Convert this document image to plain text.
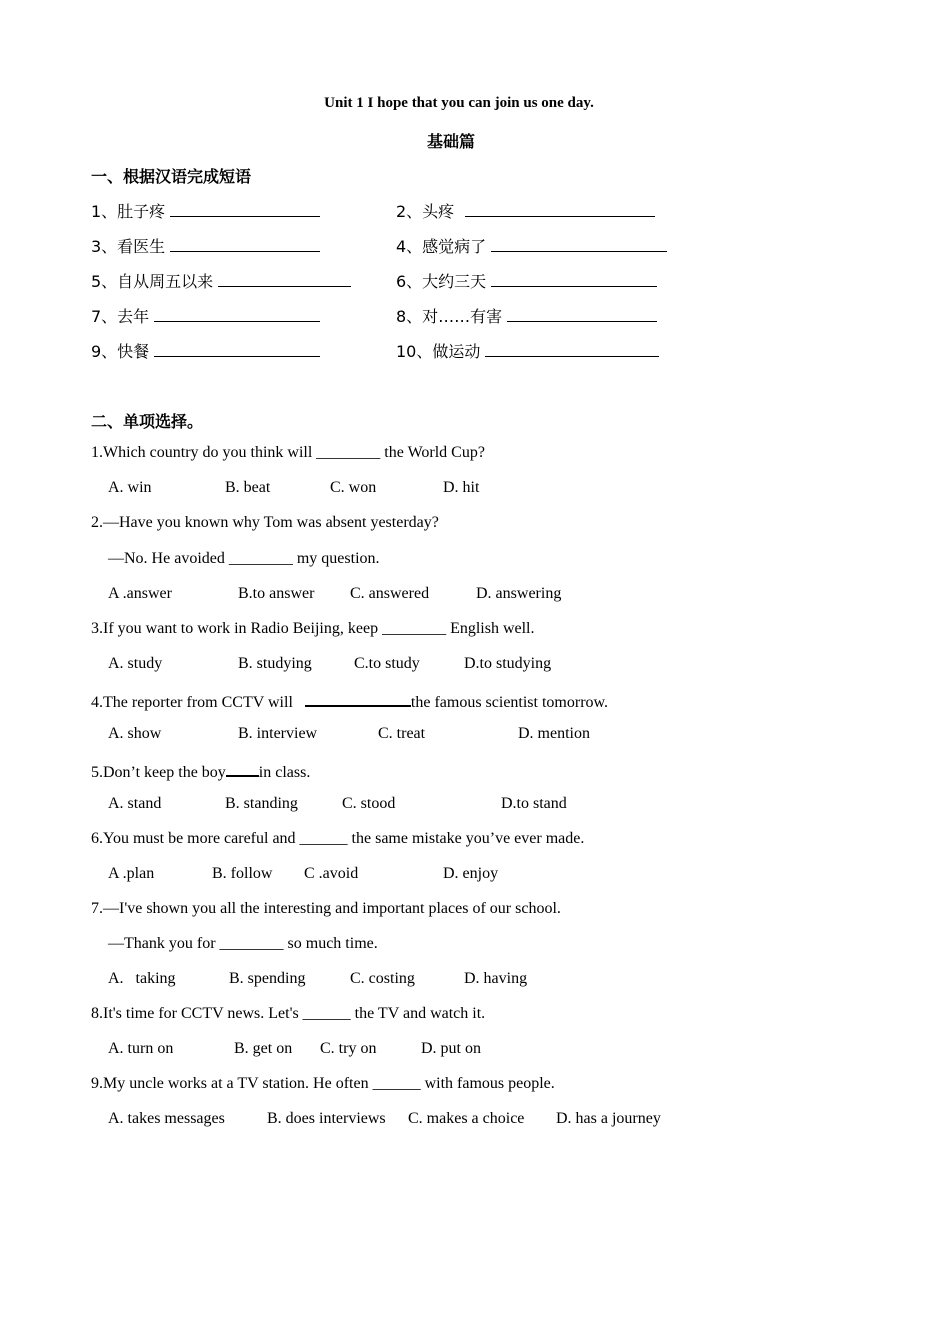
Unit 1 I hope that you can join us one day.
基础篇
一、根据汉语完成短语
1、肚子疼	2、头疼
3、看医生	4、感觉病了
5、自从周五以来	6、大约三天
7、去年	8、对……有害
9、快餐	10、做运动
二、单项选择。
1.Which country do you think will ________ the World Cup?
A. win	B. beat	C. won	D. hit
2.—Have you known why Tom was absent yesterday?
—No. He avoided ________ my question.
A .answer	B.to answer C. answered	D. answering
3.If you want to work in Radio Beijing, keep ________ English well.
A. study	B. studying	C.to study	D.to studying
4.The reporter from CCTV will	the famous scientist tomorrow.
A. show	B. interview	C. treat	D. mention
5.Don’t keep the boy in class.
A. stand	B. standing	C. stood	D.to stand
6.You must be more careful and ______ the same mistake you’ve ever made.
A .plan	B. follow C .avoid	D. enjoy
7.—I've shown you all the interesting and important places of our school.
—Thank you for ________ so much time.
A.   taking	B. spending	C. costing	D. having
8.It's time for CCTV news. Let's ______ the TV and watch it.
A. turn on	B. get on C. try on	D. put on
9.My uncle works at a TV station. He often ______ with famous people.
A. takes messages	B. does interviews C. makes a choice D. has a journey
